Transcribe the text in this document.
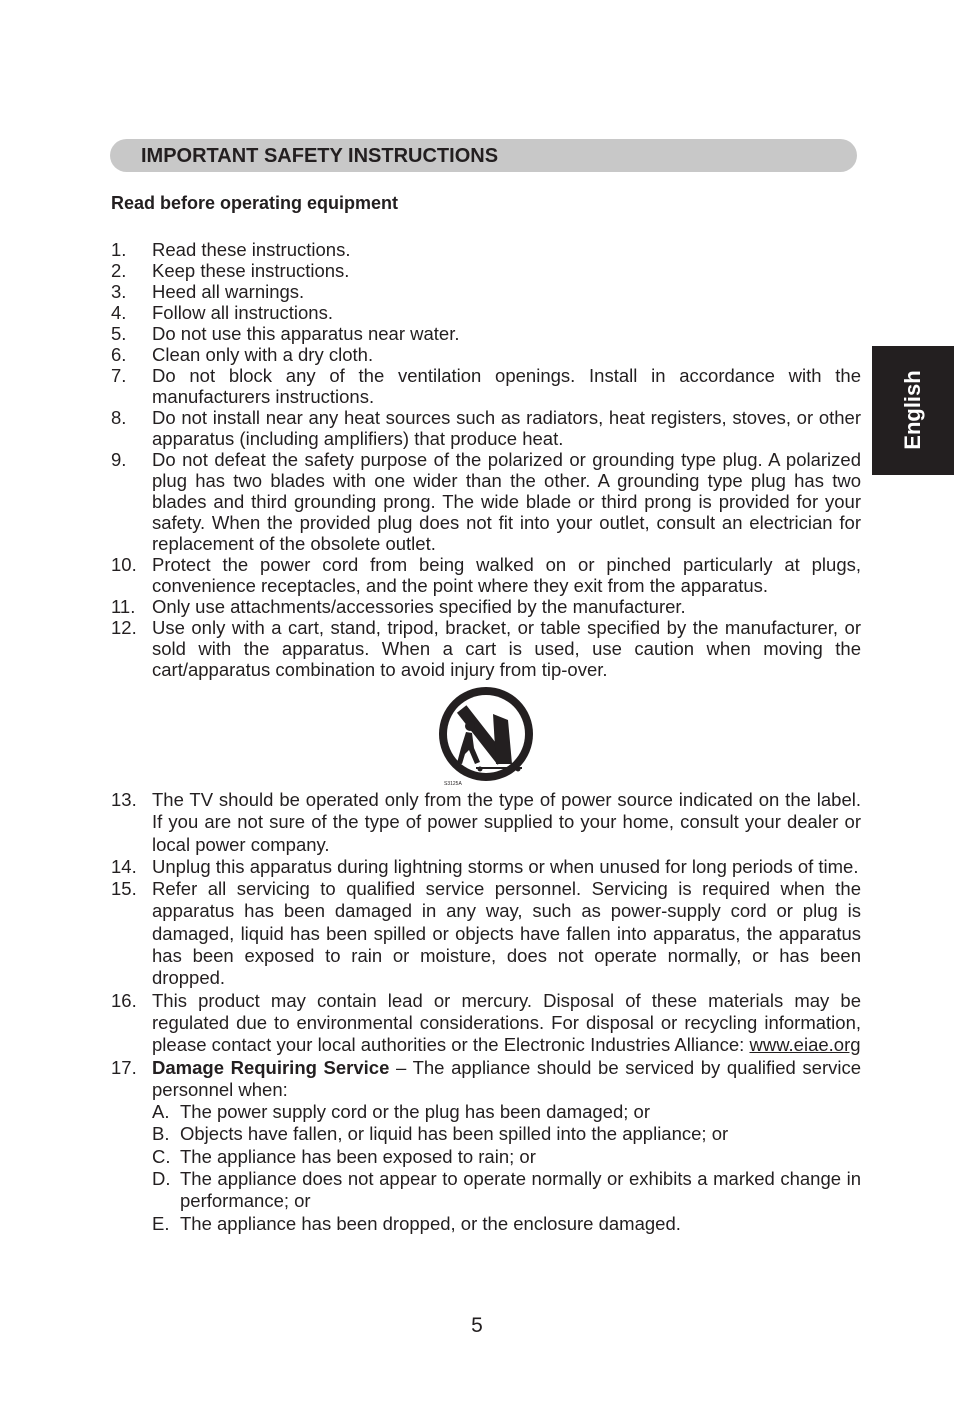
IMPORTANT SAFETY INSTRUCTIONS
English
Read before operating equipment
1.	Read these instructions.
2.	Keep these instructions.
3.	Heed all warnings.
4.	Follow all instructions.
5.	Do not use this apparatus near water.
6.	Clean only with a dry cloth.
7.	Do not block any of the ventilation openings. Install in accordance with the manufacturers instructions.
8.	Do not install near any heat sources such as radiators, heat registers, stoves, or other apparatus (including amplifiers) that produce heat.
9.	Do not defeat the safety purpose of the polarized or grounding type plug. A polarized plug has two blades with one wider than the other. A grounding type plug has two blades and third grounding prong. The wide blade or third prong is provided for your safety. When the provided plug does not fit into your outlet, consult an electrician for replacement of the obsolete outlet.
10. Protect the power cord from being walked on or pinched particularly at plugs, convenience receptacles, and the point where they exit from the apparatus.
11. Only use attachments/accessories specified by the manufacturer.
12. Use only with a cart, stand, tripod, bracket, or table specified by the manufacturer, or sold with the apparatus. When a cart is used, use caution when moving the cart/apparatus combination to avoid injury from tip-over.
S3125A
13. The TV should be operated only from the type of power source indicated on the label. If you are not sure of the type of power supplied to your home, consult your dealer or local power company.
14. Unplug this apparatus during lightning storms or when unused for long periods of time.
15. Refer all servicing to qualified service personnel. Servicing is required when the apparatus has been damaged in any way, such as power-supply cord or plug is damaged, liquid has been spilled or objects have fallen into apparatus, the apparatus has been exposed to rain or moisture, does not operate normally, or has been dropped.
16. This product may contain lead or mercury. Disposal of these materials may be regulated due to environmental considerations. For disposal or recycling information, please contact your local authorities or the Electronic Industries Alliance: www.eiae.org
17. Damage Requiring Service – The appliance should be serviced by qualified service personnel when:
A. The power supply cord or the plug has been damaged; or
B. Objects have fallen, or liquid has been spilled into the appliance; or
C. The appliance has been exposed to rain; or
D. The appliance does not appear to operate normally or exhibits a marked change in performance; or
E. The appliance has been dropped, or the enclosure damaged.
5
